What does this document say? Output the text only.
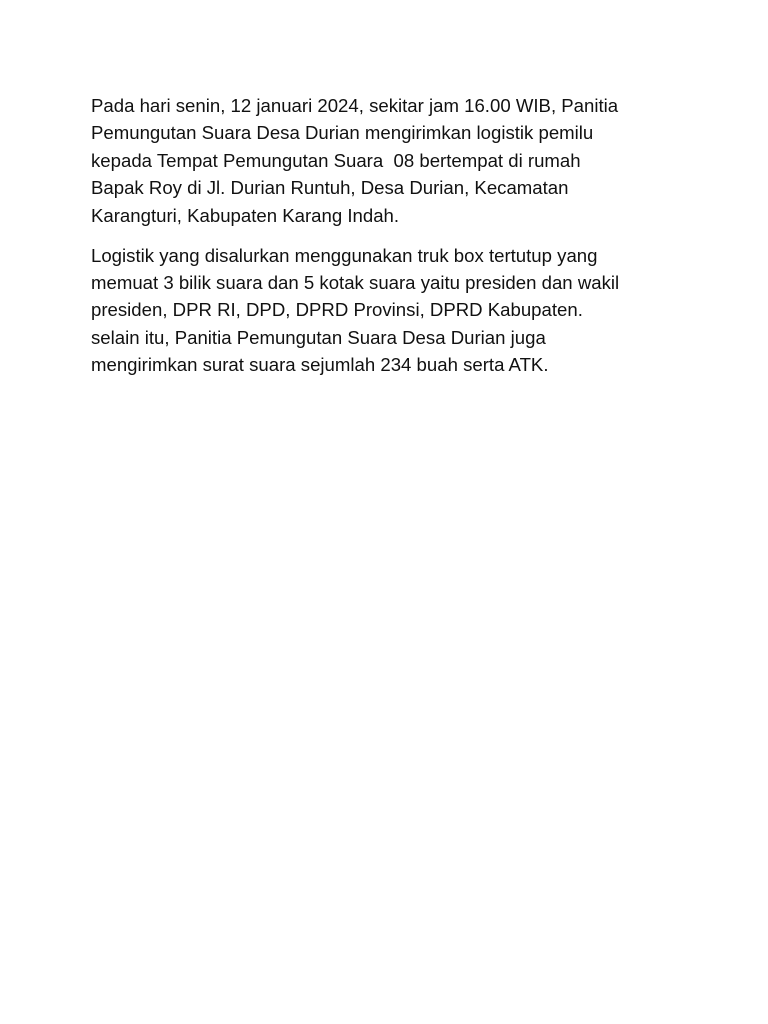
Pada hari senin, 12 januari 2024, sekitar jam 16.00 WIB, Panitia
Pemungutan Suara Desa Durian mengirimkan logistik pemilu
kepada Tempat Pemungutan Suara  08 bertempat di rumah
Bapak Roy di Jl. Durian Runtuh, Desa Durian, Kecamatan
Karangturi, Kabupaten Karang Indah.

Logistik yang disalurkan menggunakan truk box tertutup yang
memuat 3 bilik suara dan 5 kotak suara yaitu presiden dan wakil
presiden, DPR RI, DPD, DPRD Provinsi, DPRD Kabupaten.
selain itu, Panitia Pemungutan Suara Desa Durian juga
mengirimkan surat suara sejumlah 234 buah serta ATK.
